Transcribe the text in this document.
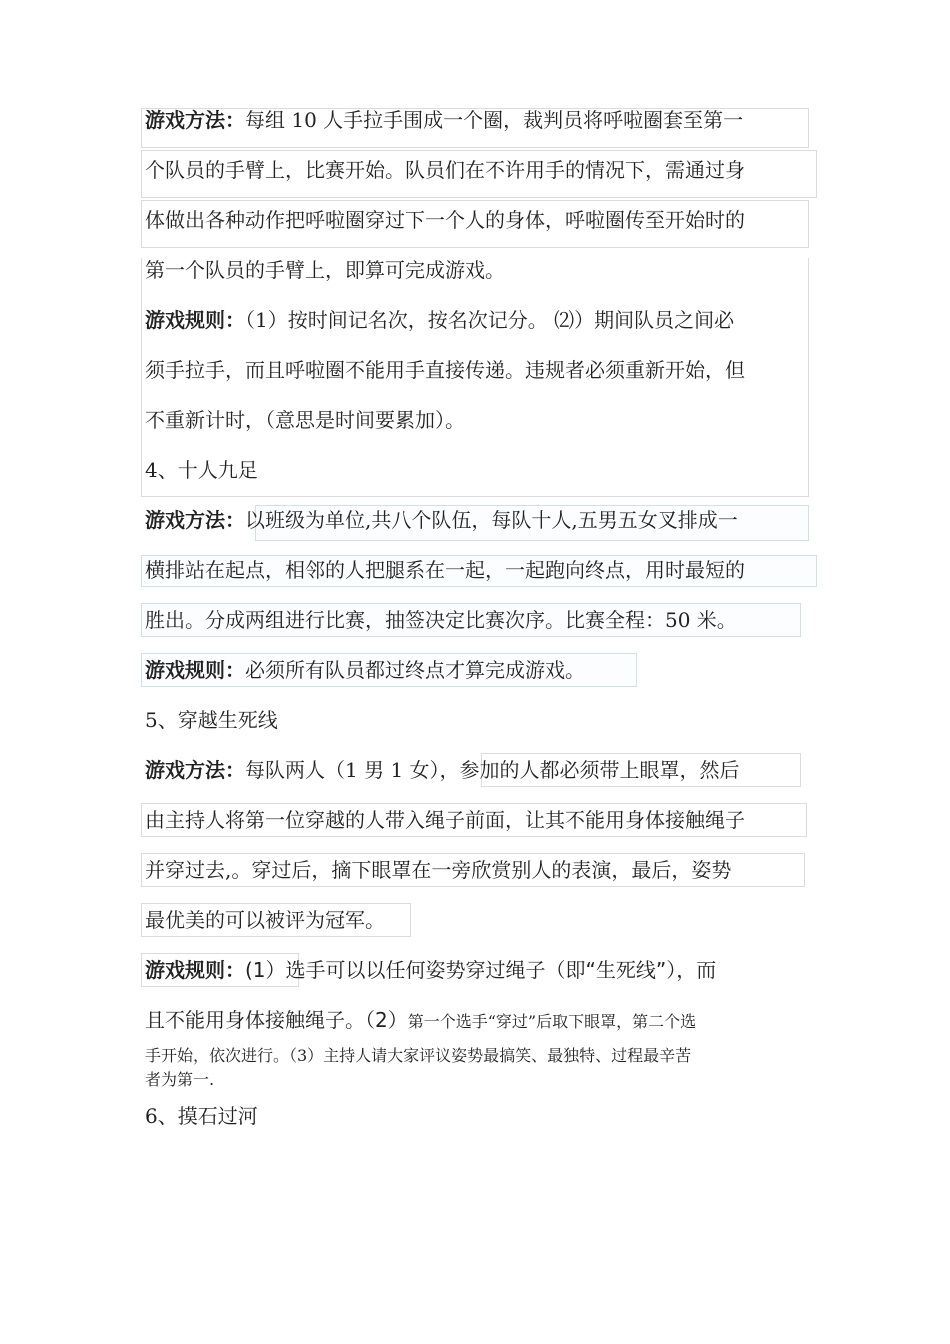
游戏方法：每组 10 人手拉手围成一个圈，裁判员将呼啦圈套至第一
个队员的手臂上，比赛开始。队员们在不许用手的情况下，需通过身
体做出各种动作把呼啦圈穿过下一个人的身体，呼啦圈传至开始时的
第一个队员的手臂上，即算可完成游戏。
游戏规则：（1）按时间记名次，按名次记分。 ⑵）期间队员之间必
须手拉手，而且呼啦圈不能用手直接传递。违规者必须重新开始，但
不重新计时，（意思是时间要累加）。
4、十人九足
游戏方法：以班级为单位,共八个队伍，每队十人,五男五女叉排成一
横排站在起点，相邻的人把腿系在一起，一起跑向终点，用时最短的
胜出。分成两组进行比赛，抽签决定比赛次序。比赛全程：50 米。
游戏规则：必须所有队员都过终点才算完成游戏。
5、穿越生死线
游戏方法：每队两人（1 男 1 女），参加的人都必须带上眼罩，然后
由主持人将第一位穿越的人带入绳子前面，让其不能用身体接触绳子
并穿过去,。穿过后，摘下眼罩在一旁欣赏别人的表演，最后，姿势
最优美的可以被评为冠军。
游戏规则：(1）选手可以以任何姿势穿过绳子（即“生死线”），而
且不能用身体接触绳子。（2）第一个选手“穿过”后取下眼罩，第二个选
手开始，依次进行。（3）主持人请大家评议姿势最搞笑、最独特、过程最辛苦
者为第一.
6、摸石过河
